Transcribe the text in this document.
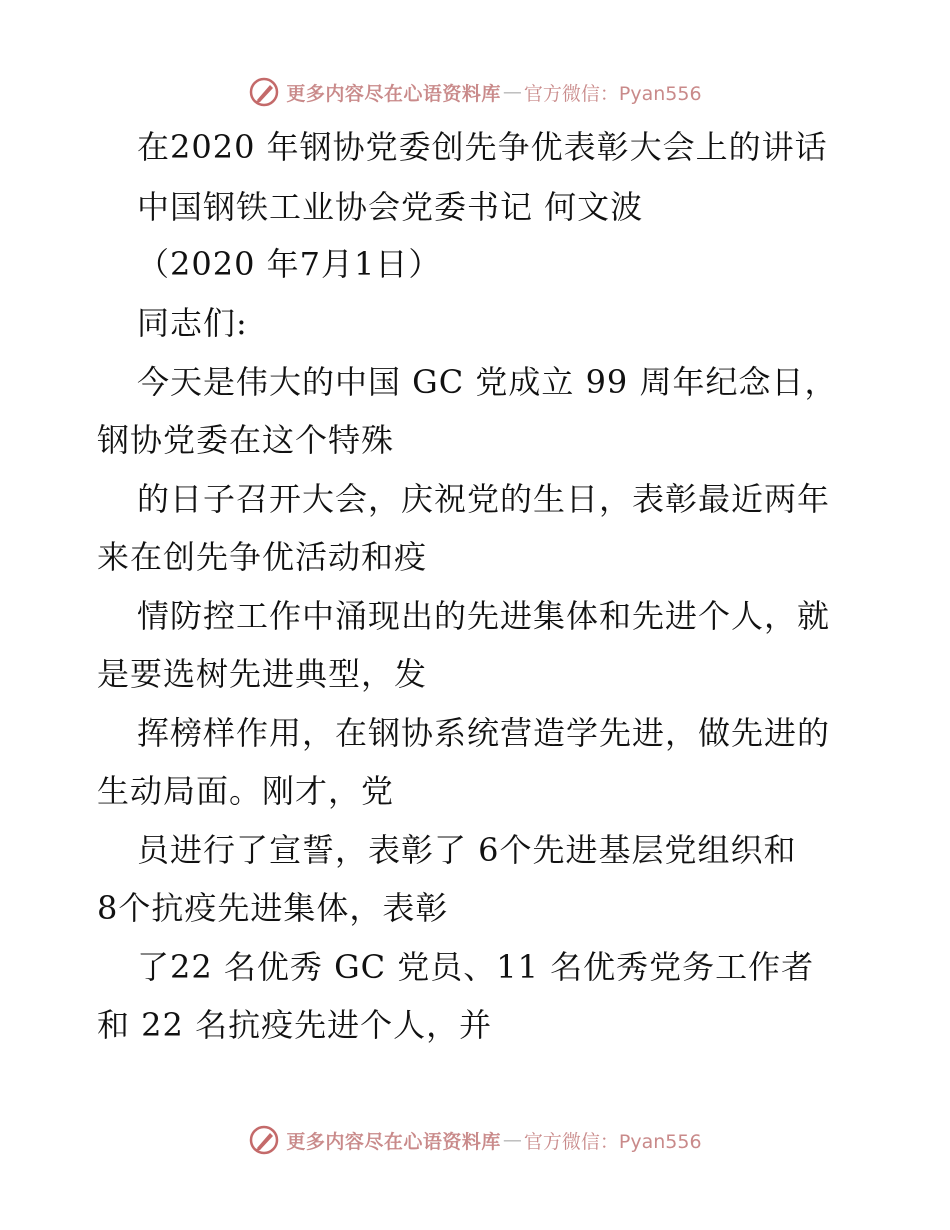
更多内容尽在心语资料库 — 官方微信：Pyan556
在2020 年钢协党委创先争优表彰大会上的讲话
中国钢铁工业协会党委书记 何文波
（2020 年7月1日）
同志们:
今天是伟大的中国 GC 党成立 99 周年纪念日，
钢协党委在这个特殊
的日子召开大会，庆祝党的生日，表彰最近两年
来在创先争优活动和疫
情防控工作中涌现出的先进集体和先进个人，就
是要选树先进典型，发
挥榜样作用，在钢协系统营造学先进，做先进的
生动局面。刚才，党
员进行了宣誓，表彰了 6个先进基层党组织和
8个抗疫先进集体，表彰
了22 名优秀 GC 党员、11 名优秀党务工作者
和 22 名抗疫先进个人，并
更多内容尽在心语资料库 — 官方微信：Pyan556
